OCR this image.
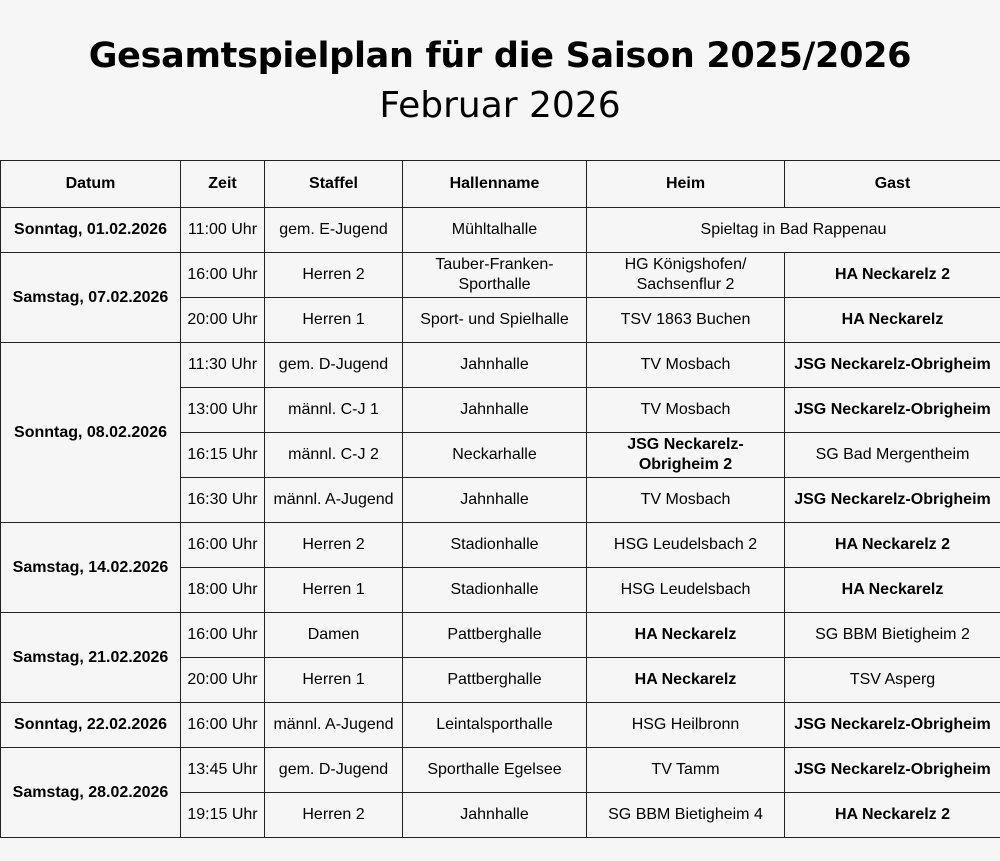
Gesamtspielplan für die Saison 2025/2026
Februar 2026
Datum	Zeit	Staffel	Hallenname	Heim	Gast
Sonntag, 01.02.2026	11:00 Uhr	gem. E-Jugend	Mühltalhalle	Spieltag in Bad Rappenau	
Samstag, 07.02.2026	16:00 Uhr	Herren 2	Tauber-Franken-Sporthalle	HG Königshofen/ Sachsenflur 2	HA Neckarelz 2
	20:00 Uhr	Herren 1	Sport- und Spielhalle	TSV 1863 Buchen	HA Neckarelz
Sonntag, 08.02.2026	11:30 Uhr	gem. D-Jugend	Jahnhalle	TV Mosbach	JSG Neckarelz-Obrigheim
	13:00 Uhr	männl. C-J 1	Jahnhalle	TV Mosbach	JSG Neckarelz-Obrigheim
	16:15 Uhr	männl. C-J 2	Neckarhalle	JSG Neckarelz-Obrigheim 2	SG Bad Mergentheim
	16:30 Uhr	männl. A-Jugend	Jahnhalle	TV Mosbach	JSG Neckarelz-Obrigheim
Samstag, 14.02.2026	16:00 Uhr	Herren 2	Stadionhalle	HSG Leudelsbach 2	HA Neckarelz 2
	18:00 Uhr	Herren 1	Stadionhalle	HSG Leudelsbach	HA Neckarelz
Samstag, 21.02.2026	16:00 Uhr	Damen	Pattberghalle	HA Neckarelz	SG BBM Bietigheim 2
	20:00 Uhr	Herren 1	Pattberghalle	HA Neckarelz	TSV Asperg
Sonntag, 22.02.2026	16:00 Uhr	männl. A-Jugend	Leintalsporthalle	HSG Heilbronn	JSG Neckarelz-Obrigheim
Samstag, 28.02.2026	13:45 Uhr	gem. D-Jugend	Sporthalle Egelsee	TV Tamm	JSG Neckarelz-Obrigheim
	19:15 Uhr	Herren 2	Jahnhalle	SG BBM Bietigheim 4	HA Neckarelz 2
